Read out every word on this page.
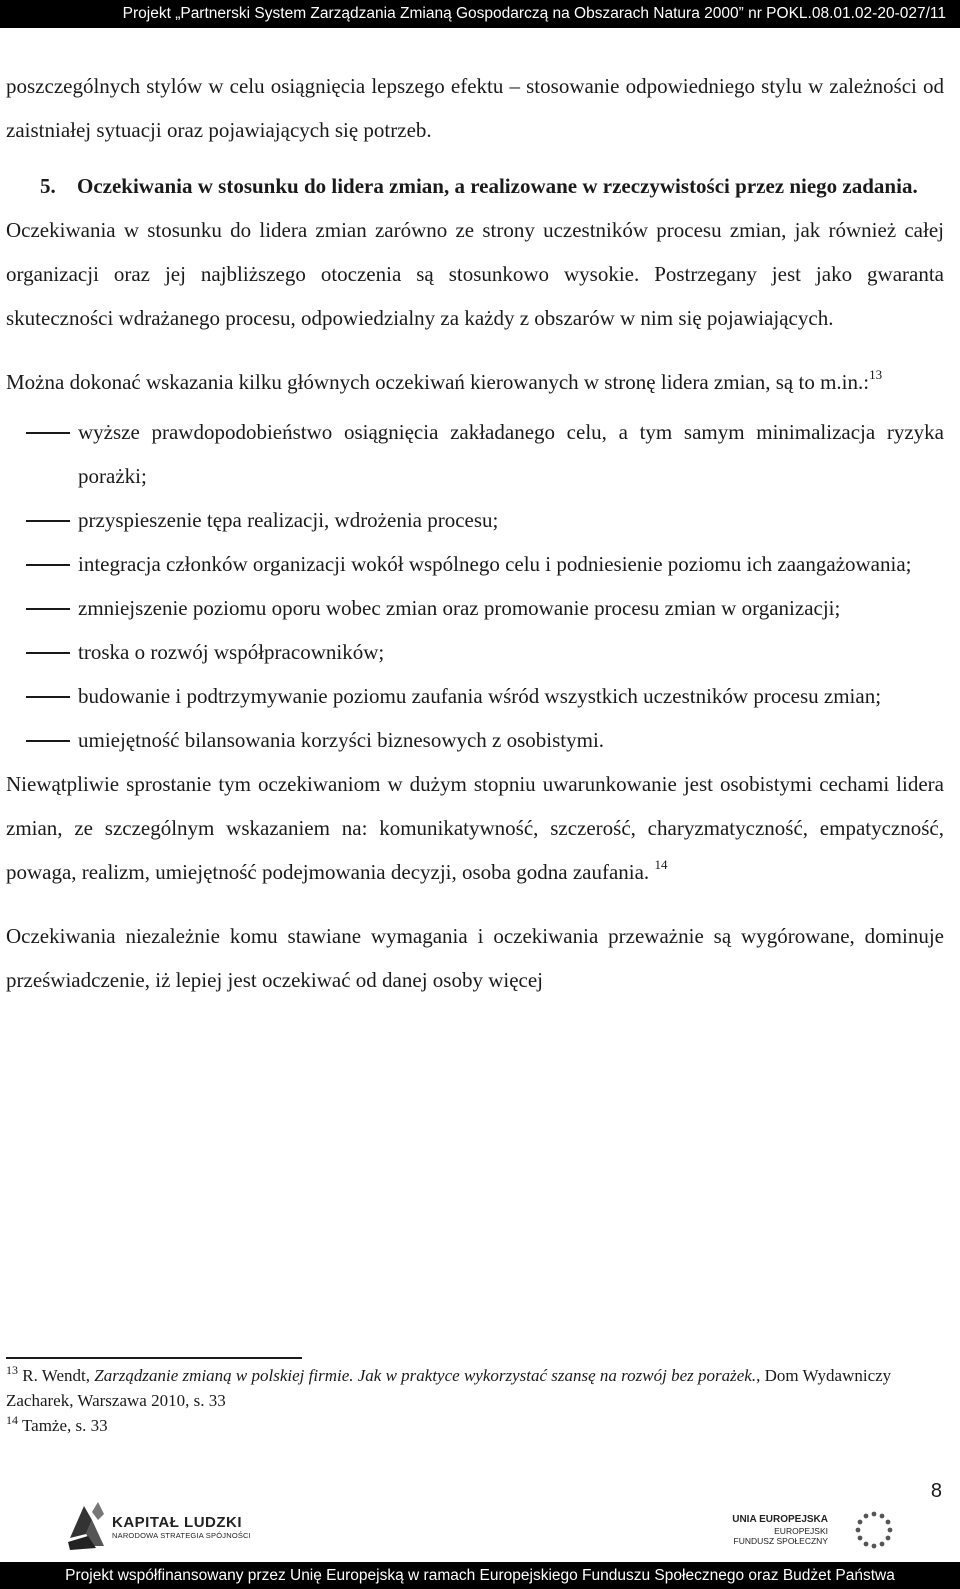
Projekt „Partnerski System Zarządzania Zmianą Gospodarczą na Obszarach Natura 2000” nr POKL.08.01.02-20-027/11

poszczególnych stylów w celu osiągnięcia lepszego efektu – stosowanie odpowiedniego stylu w zależności od zaistniałej sytuacji oraz pojawiających się potrzeb.

5. Oczekiwania w stosunku do lidera zmian, a realizowane w rzeczywistości przez niego zadania.

Oczekiwania w stosunku do lidera zmian zarówno ze strony uczestników procesu zmian, jak również całej organizacji oraz jej najbliższego otoczenia są stosunkowo wysokie. Postrzegany jest jako gwaranta skuteczności wdrażanego procesu, odpowiedzialny za każdy z obszarów w nim się pojawiających.

Można dokonać wskazania kilku głównych oczekiwań kierowanych w stronę lidera zmian, są to m.in.:$^{13}$

wyższe prawdopodobieństwo osiągnięcia zakładanego celu, a tym samym minimalizacja ryzyka porażki;
przyspieszenie tępa realizacji, wdrożenia procesu;
integracja członków organizacji wokół wspólnego celu i podniesienie poziomu ich zaangażowania;
zmniejszenie poziomu oporu wobec zmian oraz promowanie procesu zmian w organizacji;
troska o rozwój współpracowników;
budowanie i podtrzymywanie poziomu zaufania wśród wszystkich uczestników procesu zmian;
umiejętność bilansowania korzyści biznesowych z osobistymi.

Niewątpliwie sprostanie tym oczekiwaniom w dużym stopniu uwarunkowanie jest osobistymi cechami lidera zmian, ze szczególnym wskazaniem na: komunikatywność, szczerość, charyzmatyczność, empatyczność, powaga, realizm, umiejętność podejmowania decyzji, osoba godna zaufania. $^{14}$

Oczekiwania niezależnie komu stawiane wymagania i oczekiwania przeważnie są wygórowane, dominuje przeświadczenie, iż lepiej jest oczekiwać od danej osoby więcej

$^{13}$ R. Wendt, Zarządzanie zmianą w polskiej firmie. Jak w praktyce wykorzystać szansę na rozwój bez porażek., Dom Wydawniczy Zacharek, Warszawa 2010, s. 33
$^{14}$ Tamże, s. 33
8
KAPITAŁ LUDZKI
NARODOWA STRATEGIA SPÓJNOŚCI
UNIA EUROPEJSKA
EUROPEJSKI
FUNDUSZ SPOŁECZNY
Projekt współfinansowany przez Unię Europejską w ramach Europejskiego Funduszu Społecznego oraz Budżet Państwa
